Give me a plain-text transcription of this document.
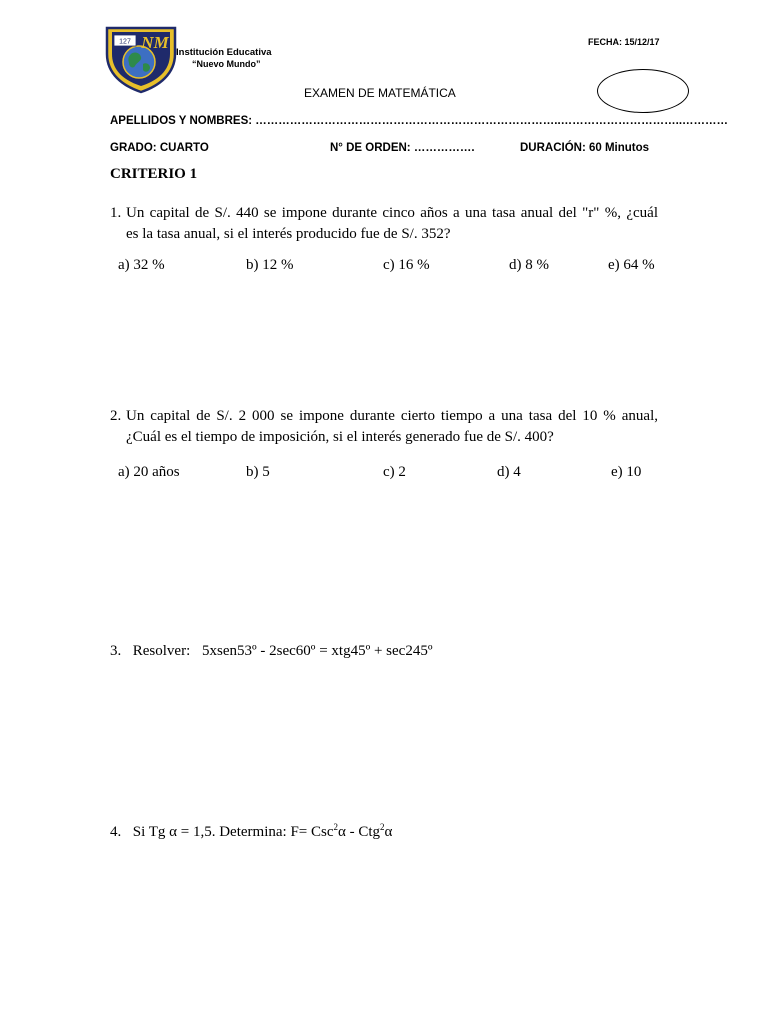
127 NM
Institución Educativa
“Nuevo Mundo”
FECHA: 15/12/17
EXAMEN DE MATEMÁTICA
APELLIDOS Y NOMBRES: ……………………………………………………………………..…………………………..…………
GRADO: CUARTO	N° DE ORDEN: …………….	DURACIÓN: 60 Minutos
CRITERIO 1
1. Un capital de S/. 440 se impone durante cinco años a una tasa anual del "r" %, ¿cuál
es la tasa anual, si el interés producido fue de S/. 352?
a) 32 %	b) 12 %	c) 16 %	d) 8 %	e) 64 %
2. Un capital de S/. 2 000 se impone durante cierto tiempo a una tasa del 10 % anual,
¿Cuál es el tiempo de imposición, si el interés generado fue de S/. 400?
a) 20 años	b) 5	c) 2	d) 4	e) 10
3. Resolver: 5xsen53º - 2sec60º = xtg45º + sec245º
4. Si Tg α = 1,5. Determina: F= Csc$^2$α - Ctg$^2$α
